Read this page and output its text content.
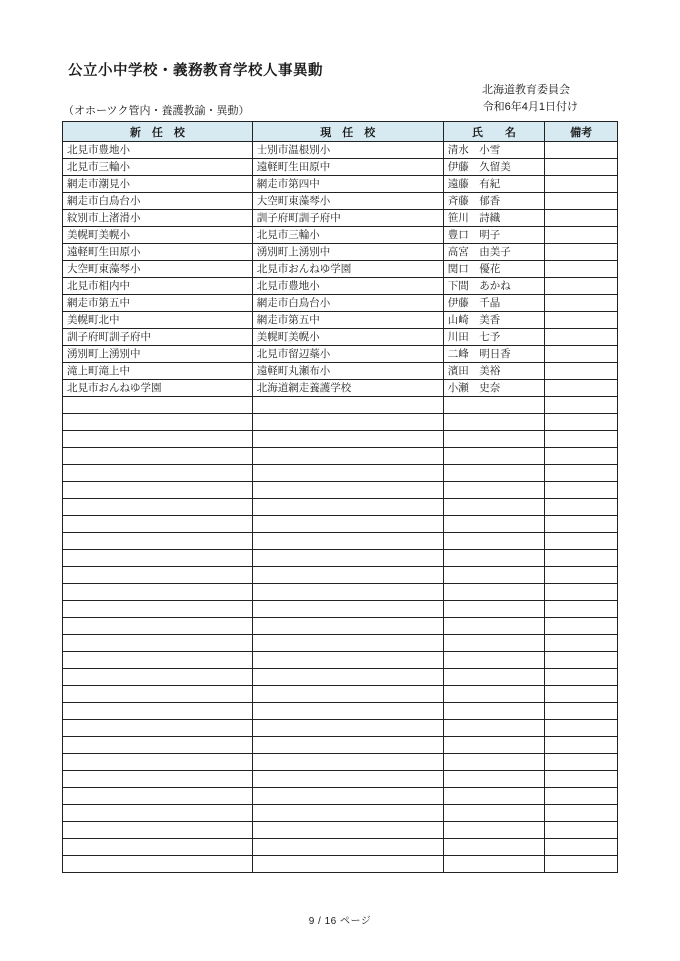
公立小中学校・義務教育学校人事異動
北海道教育委員会
令和6年4月1日付け
（オホーツク管内・養護教諭・異動）
新　任　校	現　任　校	氏　　名	備考
北見市豊地小	士別市温根別小	清水　小雪	
北見市三輪小	遠軽町生田原中	伊藤　久留美	
網走市潮見小	網走市第四中	遠藤　有紀	
網走市白鳥台小	大空町東藻琴小	斉藤　郁香	
紋別市上渚滑小	訓子府町訓子府中	笹川　詩織	
美幌町美幌小	北見市三輪小	豊口　明子	
遠軽町生田原小	湧別町上湧別中	高宮　由美子	
大空町東藻琴小	北見市おんねゆ学園	関口　優花	
北見市相内中	北見市豊地小	下間　あかね	
網走市第五中	網走市白鳥台小	伊藤　千晶	
美幌町北中	網走市第五中	山崎　美香	
訓子府町訓子府中	美幌町美幌小	川田　七予	
湧別町上湧別中	北見市留辺蘂小	二峰　明日香	
滝上町滝上中	遠軽町丸瀬布小	濱田　美裕	
北見市おんねゆ学園	北海道網走養護学校	小瀬　史奈	

9 / 16 ページ
